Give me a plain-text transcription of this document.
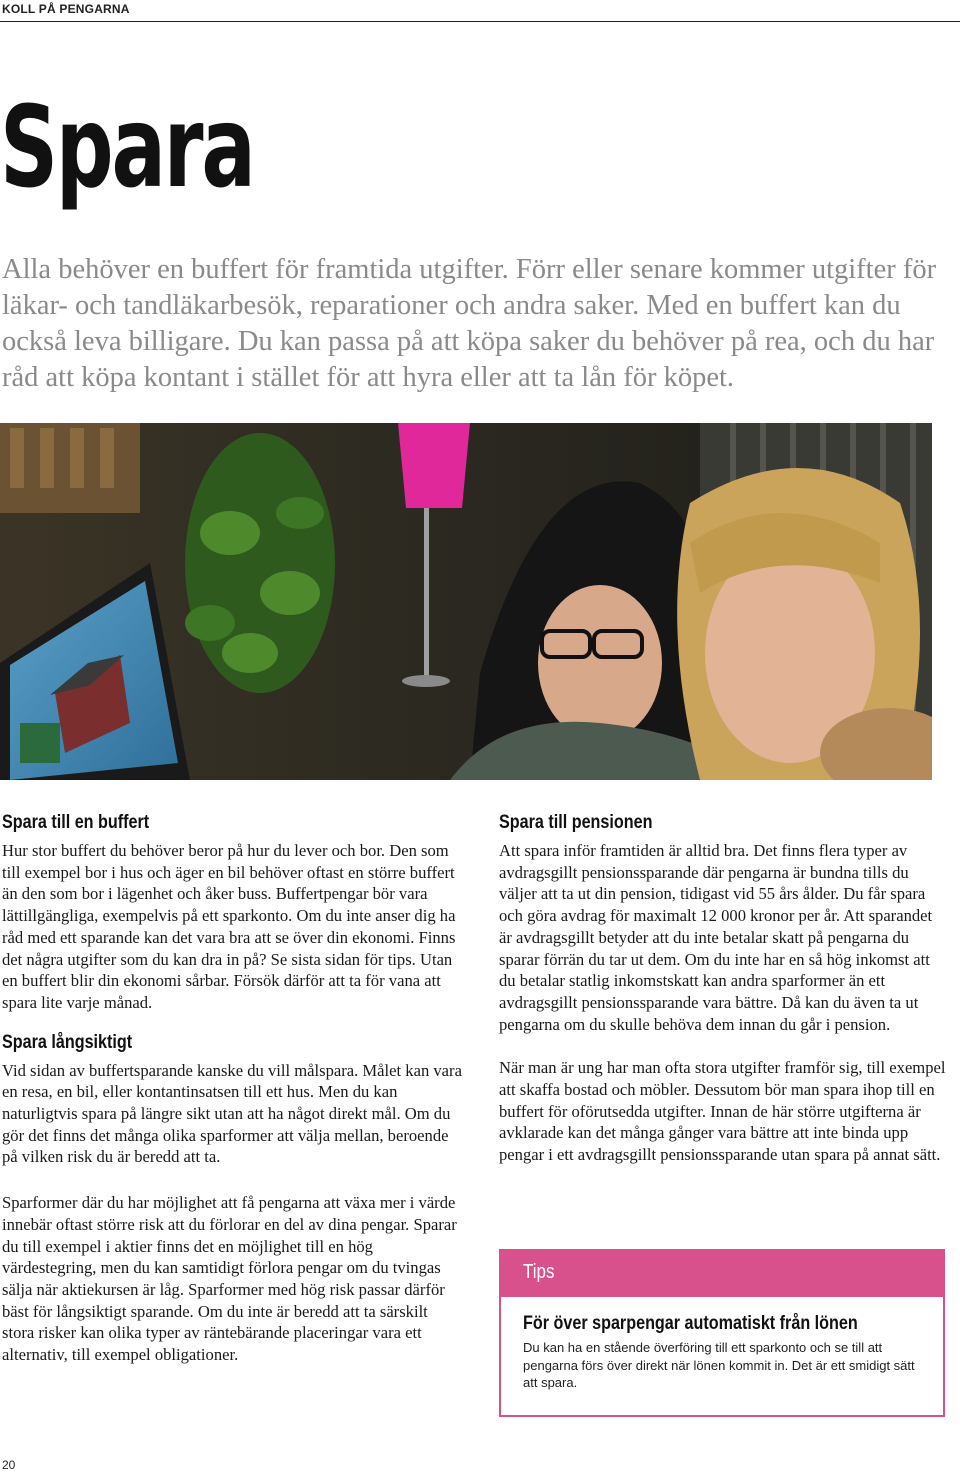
KOLL PÅ PENGARNA
Spara

Alla behöver en buffert för framtida utgifter. Förr eller senare kommer utgifter för läkar- och tandläkarbesök, reparationer och andra saker. Med en buffert kan du också leva billigare. Du kan passa på att köpa saker du behöver på rea, och du har råd att köpa kontant i stället för att hyra eller att ta lån för köpet.

Spara till en buffert

Hur stor buffert du behöver beror på hur du lever och bor. Den som till exempel bor i hus och äger en bil behöver oftast en större buffert än den som bor i lägenhet och åker buss. Buffertpengar bör vara lättillgängliga, exempelvis på ett sparkonto. Om du inte anser dig ha råd med ett sparande kan det vara bra att se över din ekonomi. Finns det några utgifter som du kan dra in på? Se sista sidan för tips. Utan en buffert blir din ekonomi sårbar. Försök därför att ta för vana att spara lite varje månad.

Spara långsiktigt

Vid sidan av buffertsparande kanske du vill målspara. Målet kan vara en resa, en bil, eller kontantinsatsen till ett hus. Men du kan naturligtvis spara på längre sikt utan att ha något direkt mål. Om du gör det finns det många olika sparformer att välja mellan, beroende på vilken risk du är beredd att ta.

Sparformer där du har möjlighet att få pengarna att växa mer i värde innebär oftast större risk att du förlorar en del av dina pengar. Sparar du till exempel i aktier finns det en möjlighet till en hög värdestegring, men du kan samtidigt förlora pengar om du tvingas sälja när aktiekursen är låg. Sparformer med hög risk passar därför bäst för långsiktigt sparande. Om du inte är beredd att ta särskilt stora risker kan olika typer av räntebärande placeringar vara ett alternativ, till exempel obligationer.

Spara till pensionen

Att spara inför framtiden är alltid bra. Det finns flera typer av avdragsgillt pensionssparande där pengarna är bundna tills du väljer att ta ut din pension, tidigast vid 55 års ålder. Du får spara och göra avdrag för maximalt 12 000 kronor per år. Att sparandet är avdragsgillt betyder att du inte betalar skatt på pengarna du sparar förrän du tar ut dem. Om du inte har en så hög inkomst att du betalar statlig inkomstskatt kan andra sparformer än ett avdragsgillt pensionssparande vara bättre. Då kan du även ta ut pengarna om du skulle behöva dem innan du går i pension.

När man är ung har man ofta stora utgifter framför sig, till exempel att skaffa bostad och möbler. Dessutom bör man spara ihop till en buffert för oförutsedda utgifter. Innan de här större utgifterna är avklarade kan det många gånger vara bättre att inte binda upp pengar i ett avdragsgillt pensionssparande utan spara på annat sätt.

Tips
För över sparpengar automatiskt från lönen

Du kan ha en stående överföring till ett sparkonto och se till att pengarna förs över direkt när lönen kommit in. Det är ett smidigt sätt att spara.

20
